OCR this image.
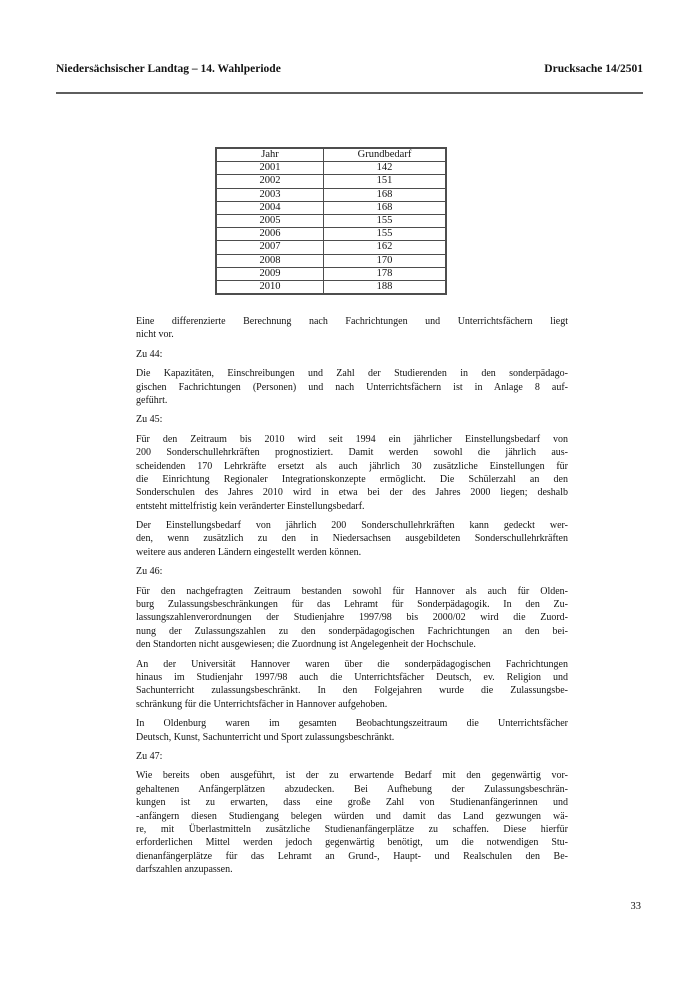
Niedersächsischer Landtag – 14. Wahlperiode	Drucksache 14/2501
Jahr	Grundbedarf
2001	142
2002	151
2003	168
2004	168
2005	155
2006	155
2007	162
2008	170
2009	178
2010	188
Eine differenzierte Berechnung nach Fachrichtungen und Unterrichtsfächern liegt
nicht vor.
Zu 44:
Die Kapazitäten, Einschreibungen und Zahl der Studierenden in den sonderpädago-
gischen Fachrichtungen (Personen) und nach Unterrichtsfächern ist in Anlage 8 auf-
geführt.
Zu 45:
Für den Zeitraum bis 2010 wird seit 1994 ein jährlicher Einstellungsbedarf von
200 Sonderschullehrkräften prognostiziert. Damit werden sowohl die jährlich aus-
scheidenden 170 Lehrkräfte ersetzt als auch jährlich 30 zusätzliche Einstellungen für
die Einrichtung Regionaler Integrationskonzepte ermöglicht. Die Schülerzahl an den
Sonderschulen des Jahres 2010 wird in etwa bei der des Jahres 2000 liegen; deshalb
entsteht mittelfristig kein veränderter Einstellungsbedarf.
Der Einstellungsbedarf von jährlich 200 Sonderschullehrkräften kann gedeckt wer-
den, wenn zusätzlich zu den in Niedersachsen ausgebildeten Sonderschullehrkräften
weitere aus anderen Ländern eingestellt werden können.
Zu 46:
Für den nachgefragten Zeitraum bestanden sowohl für Hannover als auch für Olden-
burg Zulassungsbeschränkungen für das Lehramt für Sonderpädagogik. In den Zu-
lassungszahlenverordnungen der Studienjahre 1997/98 bis 2000/02 wird die Zuord-
nung der Zulassungszahlen zu den sonderpädagogischen Fachrichtungen an den bei-
den Standorten nicht ausgewiesen; die Zuordnung ist Angelegenheit der Hochschule.
An der Universität Hannover waren über die sonderpädagogischen Fachrichtungen
hinaus im Studienjahr 1997/98 auch die Unterrichtsfächer Deutsch, ev. Religion und
Sachunterricht zulassungsbeschränkt. In den Folgejahren wurde die Zulassungsbe-
schränkung für die Unterrichtsfächer in Hannover aufgehoben.
In Oldenburg waren im gesamten Beobachtungszeitraum die Unterrichtsfächer
Deutsch, Kunst, Sachunterricht und Sport zulassungsbeschränkt.
Zu 47:
Wie bereits oben ausgeführt, ist der zu erwartende Bedarf mit den gegenwärtig vor-
gehaltenen Anfängerplätzen abzudecken. Bei Aufhebung der Zulassungsbeschrän-
kungen ist zu erwarten, dass eine große Zahl von Studienanfängerinnen und
-anfängern diesen Studiengang belegen würden und damit das Land gezwungen wä-
re, mit Überlastmitteln zusätzliche Studienanfängerplätze zu schaffen. Diese hierfür
erforderlichen Mittel werden jedoch gegenwärtig benötigt, um die notwendigen Stu-
dienanfängerplätze für das Lehramt an Grund-, Haupt- und Realschulen den Be-
darfszahlen anzupassen.
33
